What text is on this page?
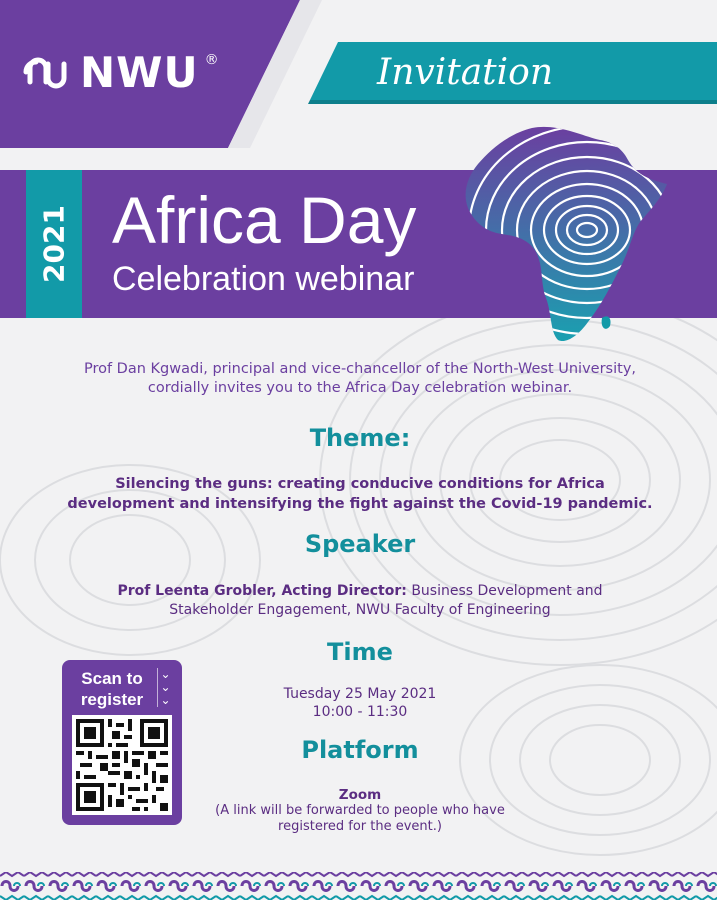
NWU ®	Invitation
2021 Africa Day
Celebration webinar
Prof Dan Kgwadi, principal and vice-chancellor of the North-West University, cordially invites you to the Africa Day celebration webinar.
Theme:
Silencing the guns: creating conducive conditions for Africa development and intensifying the fight against the Covid-19 pandemic.
Speaker
Prof Leenta Grobler, Acting Director: Business Development and Stakeholder Engagement, NWU Faculty of Engineering
Time
Tuesday 25 May 2021
10:00 - 11:30
Platform
Zoom
(A link will be forwarded to people who have registered for the event.)
Scan to register
⌄
⌄
⌄
